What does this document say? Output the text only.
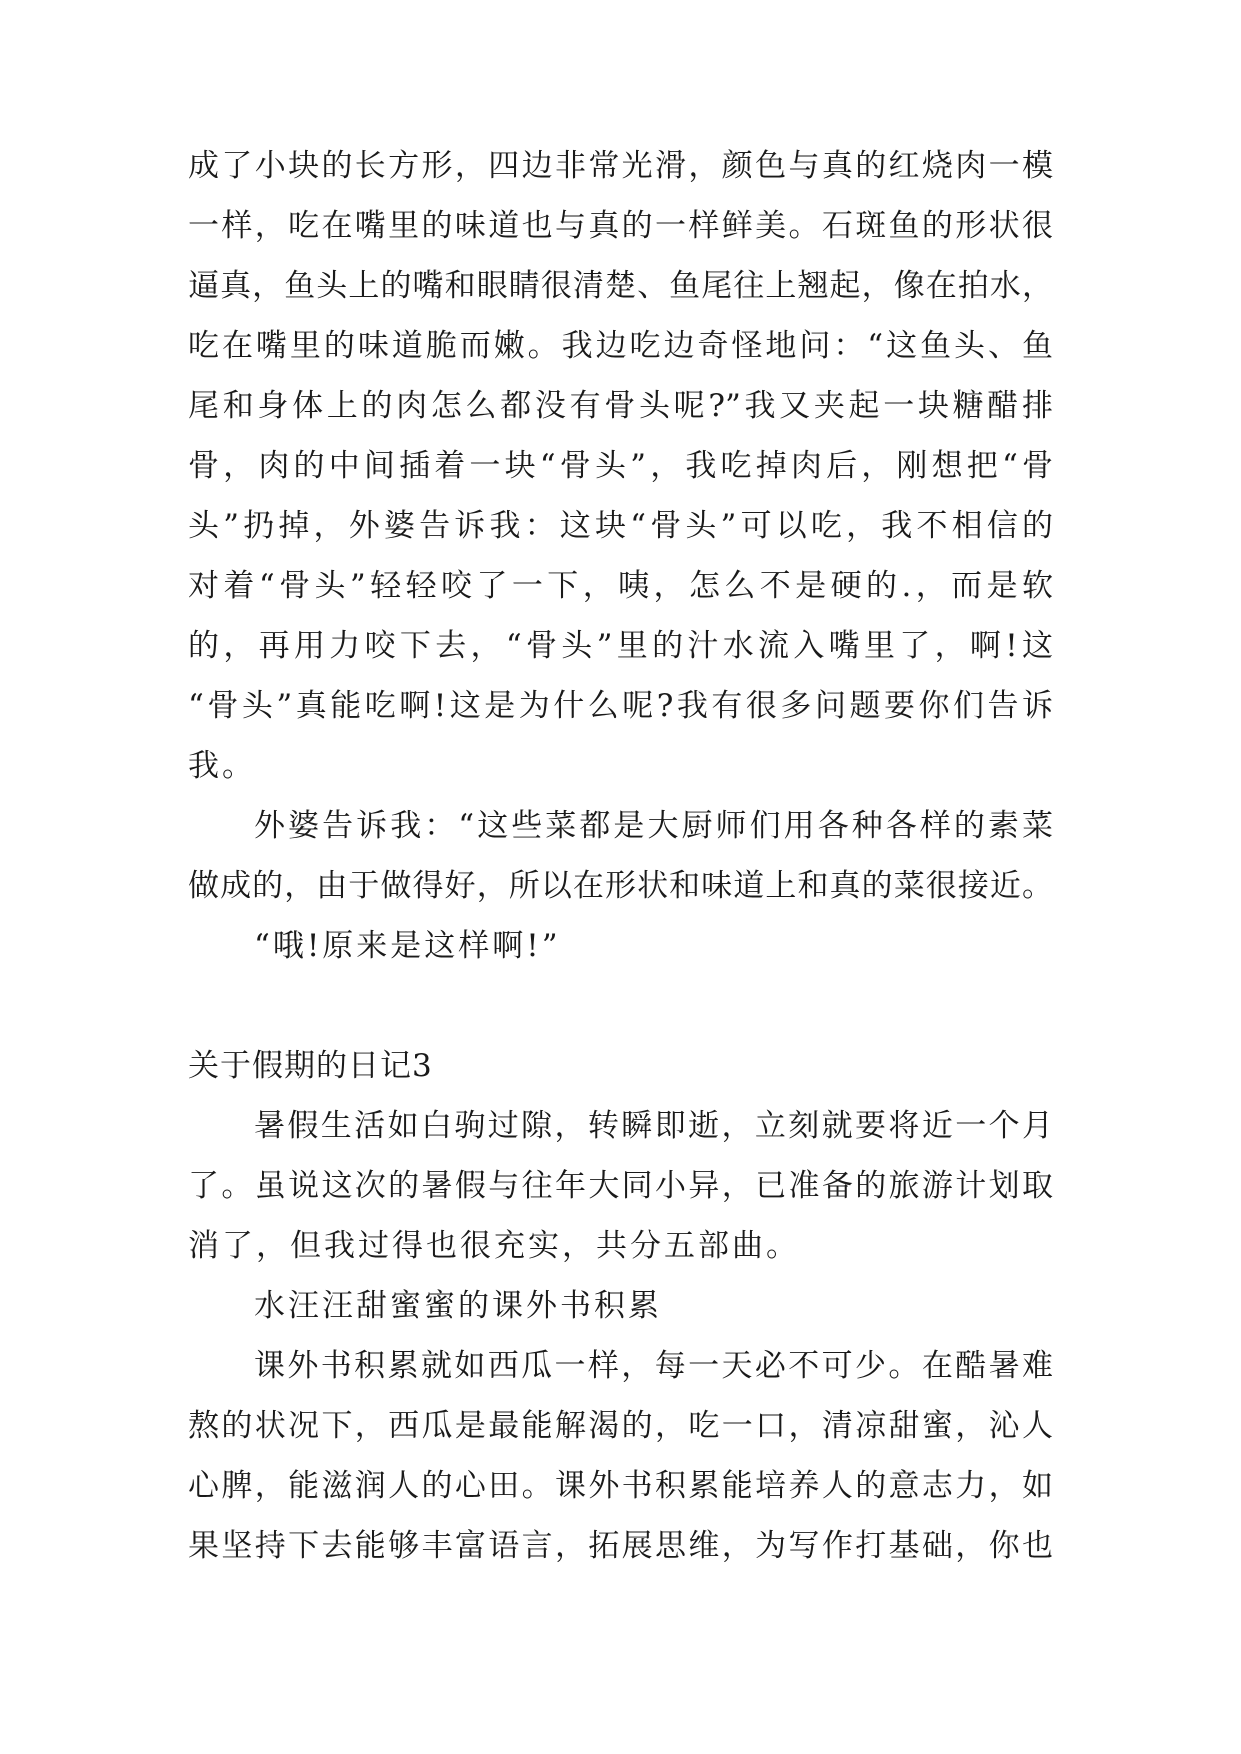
成了小块的长方形，四边非常光滑，颜色与真的红烧肉一模
一样，吃在嘴里的味道也与真的一样鲜美。石斑鱼的形状很
逼真，鱼头上的嘴和眼睛很清楚、鱼尾往上翘起，像在拍水，
吃在嘴里的味道脆而嫩。我边吃边奇怪地问：“这鱼头、鱼
尾和身体上的肉怎么都没有骨头呢?”我又夹起一块糖醋排
骨，肉的中间插着一块“骨头”，我吃掉肉后，刚想把“骨
头”扔掉，外婆告诉我：这块“骨头”可以吃，我不相信的
对着“骨头”轻轻咬了一下，咦，怎么不是硬的.，而是软
的，再用力咬下去，“骨头”里的汁水流入嘴里了，啊!这
“骨头”真能吃啊!这是为什么呢?我有很多问题要你们告诉
我。
外婆告诉我：“这些菜都是大厨师们用各种各样的素菜
做成的，由于做得好，所以在形状和味道上和真的菜很接近。
“哦!原来是这样啊!”
关于假期的日记3
暑假生活如白驹过隙，转瞬即逝，立刻就要将近一个月
了。虽说这次的暑假与往年大同小异，已准备的旅游计划取
消了，但我过得也很充实，共分五部曲。
水汪汪甜蜜蜜的课外书积累
课外书积累就如西瓜一样，每一天必不可少。在酷暑难
熬的状况下，西瓜是最能解渴的，吃一口，清凉甜蜜，沁人
心脾，能滋润人的心田。课外书积累能培养人的意志力，如
果坚持下去能够丰富语言，拓展思维，为写作打基础，你也
